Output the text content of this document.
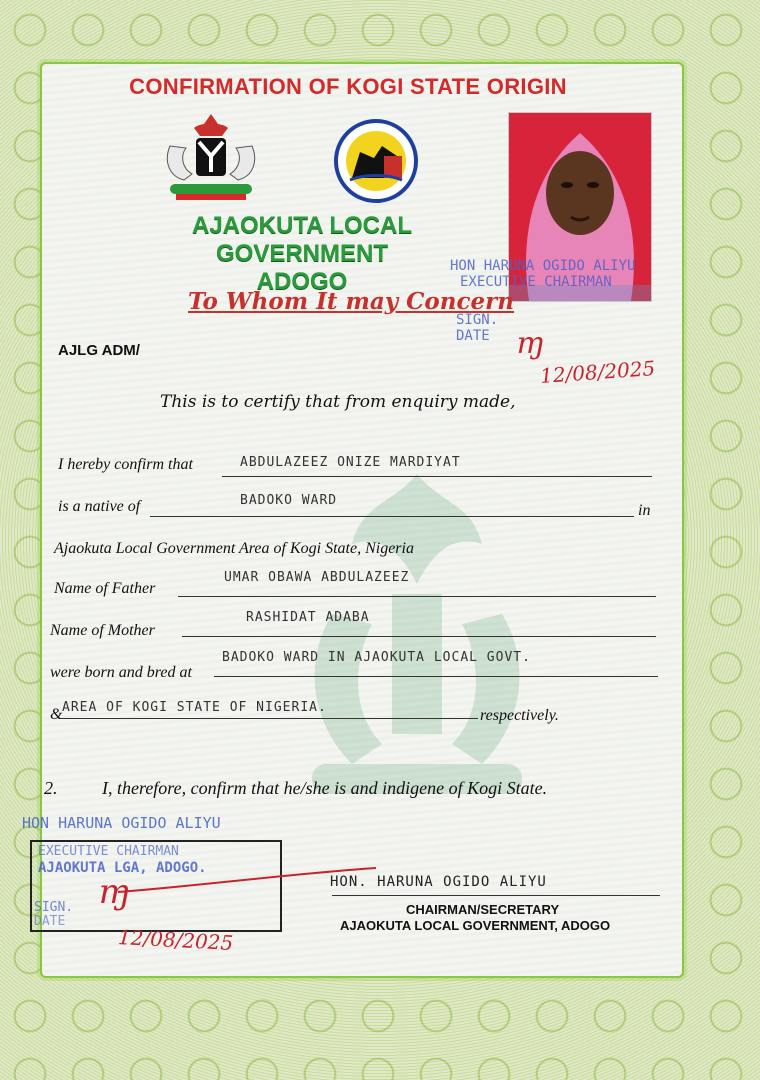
CONFIRMATION OF KOGI STATE ORIGIN
AJAOKUTA LOCAL GOVERNMENT
ADOGO
HON HARUNA OGIDO ALIYU
EXECUTIVE CHAIRMAN
SIGN.
DATE
To Whom It may Concern
ɱ
12/08/2025
AJLG ADM/
This is to certify that from enquiry made,
I hereby confirm that	ABDULAZEEZ ONIZE MARDIYAT
is a native of	BADOKO WARD
in
Ajaokuta Local Government Area of Kogi State, Nigeria
Name of Father
UMAR OBAWA ABDULAZEEZ
Name of Mother
RASHIDAT ADABA
were born and bred at
BADOKO WARD IN AJAOKUTA LOCAL GOVT.
& AREA OF KOGI STATE OF NIGERIA.	respectively.
2. I, therefore, confirm that he/she is and indigene of Kogi State.
HON HARUNA OGIDO ALIYU
EXECUTIVE CHAIRMAN
AJAOKUTA LGA, ADOGO.
SIGN.
DATE
ɱ
12/08/2025
HON. HARUNA OGIDO ALIYU
CHAIRMAN/SECRETARY
AJAOKUTA LOCAL GOVERNMENT, ADOGO
